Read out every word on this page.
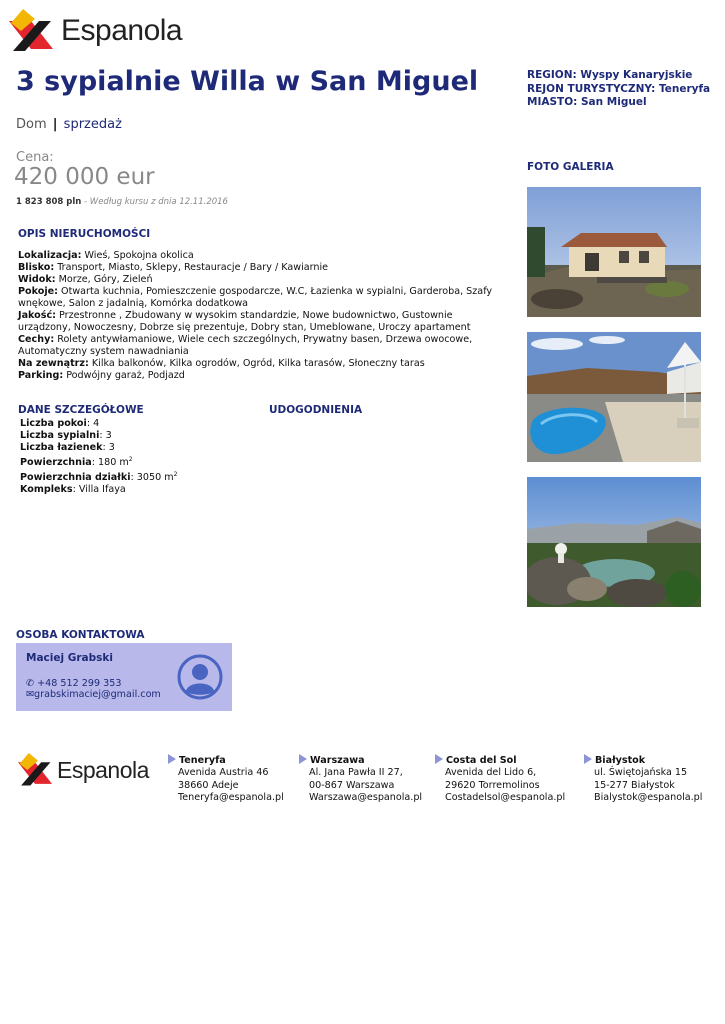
Espanola
3 sypialnie Willa w San Miguel
Dom | sprzedaż
Cena:
420 000 eur
1 823 808 pln - Według kursu z dnia 12.11.2016
REGION: Wyspy Kanaryjskie
REJON TURYSTYCZNY: Teneryfa
MIASTO: San Miguel
FOTO GALERIA
OPIS NIERUCHOMOŚCI
Lokalizacja: Wieś, Spokojna okolica
Blisko: Transport, Miasto, Sklepy, Restauracje / Bary / Kawiarnie
Widok: Morze, Góry, Zieleń
Pokoje: Otwarta kuchnia, Pomieszczenie gospodarcze, W.C, Łazienka w sypialni, Garderoba, Szafy wnękowe, Salon z jadalnią, Komórka dodatkowa
Jakość: Przestronne , Zbudowany w wysokim standardzie, Nowe budownictwo, Gustownie urządzony, Nowoczesny, Dobrze się prezentuje, Dobry stan, Umeblowane, Uroczy apartament
Cechy: Rolety antywłamaniowe, Wiele cech szczególnych, Prywatny basen, Drzewa owocowe, Automatyczny system nawadniania
Na zewnątrz: Kilka balkonów, Kilka ogrodów, Ogród, Kilka tarasów, Słoneczny taras
Parking: Podwójny garaż, Podjazd
DANE SZCZEGÓŁOWE	UDOGODNIENIA
Liczba pokoi: 4
Liczba sypialni: 3
Liczba łazienek: 3
Powierzchnia: 180 $m^2$
Powierzchnia działki: 3050 $m^2$
Kompleks: Villa Ifaya
OSOBA KONTAKTOWA
Maciej Grabski
✆ +48 512 299 353
✉grabskimaciej@gmail.com
Espanola	Teneryfa
Avenida Austria 46
38660 Adeje
Teneryfa@espanola.pl
Warszawa
Al. Jana Pawła II 27,
00-867 Warszawa
Warszawa@espanola.pl
Costa del Sol
Avenida del Lido 6,
29620 Torremolinos
Costadelsol@espanola.pl
Białystok
ul. Świętojańska 15
15-277 Białystok
Bialystok@espanola.pl
